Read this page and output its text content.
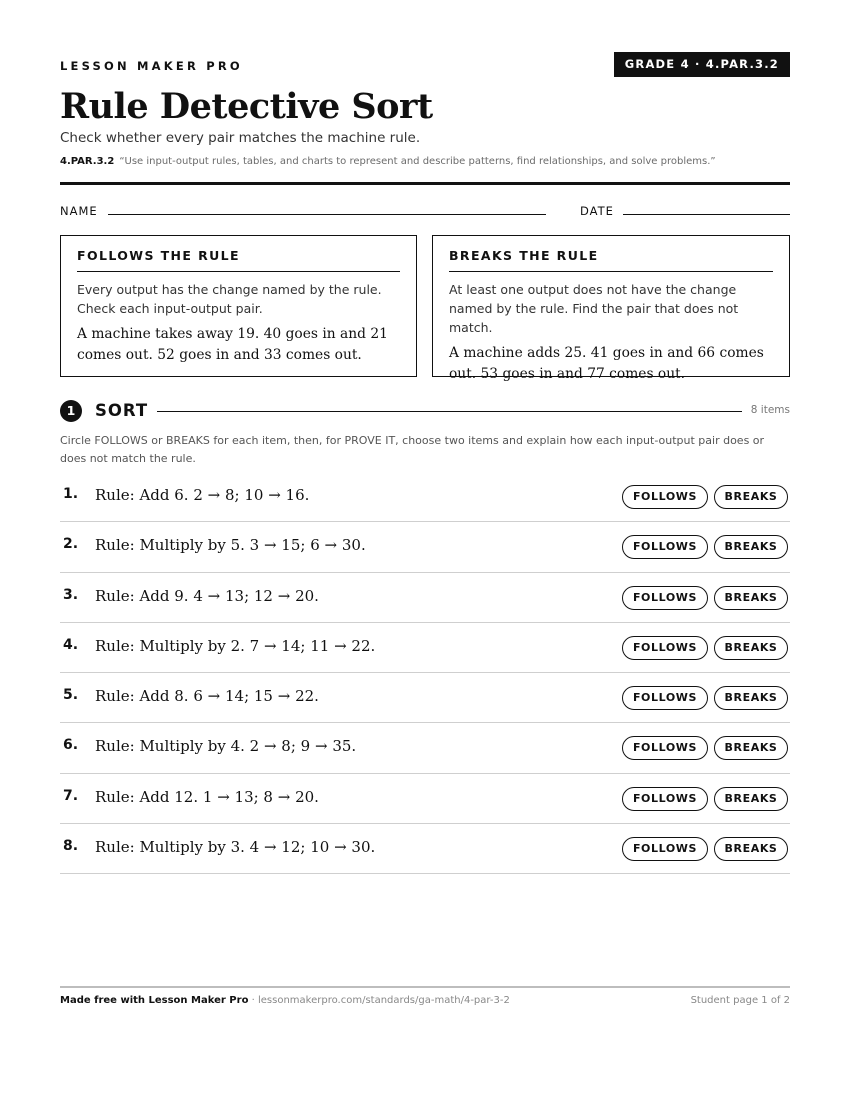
LESSON MAKER PRO	GRADE 4 · 4.PAR.3.2
Rule Detective Sort
Check whether every pair matches the machine rule.
4.PAR.3.2 “Use input-output rules, tables, and charts to represent and describe patterns, find relationships, and solve problems.”
NAME	DATE
FOLLOWS THE RULE
Every output has the change named by the rule. Check each input-output pair.
A machine takes away 19. 40 goes in and 21 comes out. 52 goes in and 33 comes out.
BREAKS THE RULE
At least one output does not have the change named by the rule. Find the pair that does not match.
A machine adds 25. 41 goes in and 66 comes out. 53 goes in and 77 comes out.
1	SORT	8 items
Circle FOLLOWS or BREAKS for each item, then, for PROVE IT, choose two items and explain how each input-output pair does or does not match the rule.
1. Rule: Add 6. 2 → 8; 10 → 16.	FOLLOWS	BREAKS
2. Rule: Multiply by 5. 3 → 15; 6 → 30.	FOLLOWS	BREAKS
3. Rule: Add 9. 4 → 13; 12 → 20.	FOLLOWS	BREAKS
4. Rule: Multiply by 2. 7 → 14; 11 → 22.	FOLLOWS	BREAKS
5. Rule: Add 8. 6 → 14; 15 → 22.	FOLLOWS	BREAKS
6. Rule: Multiply by 4. 2 → 8; 9 → 35.	FOLLOWS	BREAKS
7. Rule: Add 12. 1 → 13; 8 → 20.	FOLLOWS	BREAKS
8. Rule: Multiply by 3. 4 → 12; 10 → 30.	FOLLOWS	BREAKS
Made free with Lesson Maker Pro · lessonmakerpro.com/standards/ga-math/4-par-3-2	Student page 1 of 2
